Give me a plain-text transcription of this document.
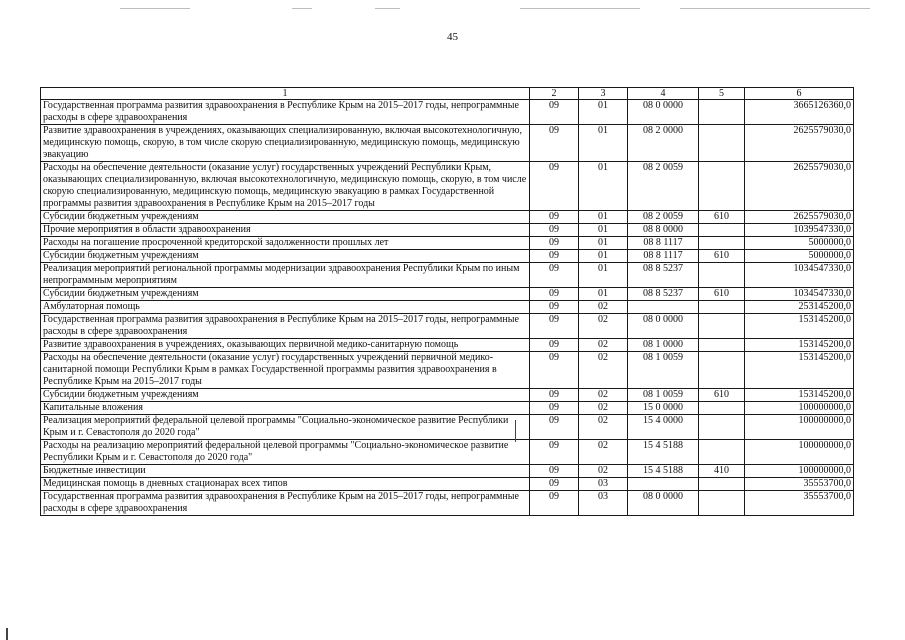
45
1	2	3	4	5	6
Государственная программа развития здравоохранения в Республике Крым на 2015–2017 годы, непрограммные расходы в сфере здравоохранения	09	01	08 0 0000		3665126360,0
Развитие здравоохранения в учреждениях, оказывающих специализированную, включая высокотехнологичную, медицинскую помощь, скорую, в том числе скорую специализированную, медицинскую помощь, медицинскую эвакуацию	09	01	08 2 0000		2625579030,0
Расходы на обеспечение деятельности (оказание услуг) государственных учреждений Республики Крым, оказывающих специализированную, включая высокотехнологичную, медицинскую помощь, скорую, в том числе скорую специализированную, медицинскую помощь, медицинскую эвакуацию в рамках Государственной программы развития здравоохранения в Республике Крым на 2015–2017 годы	09	01	08 2 0059		2625579030,0
Субсидии бюджетным учреждениям	09	01	08 2 0059	610	2625579030,0
Прочие мероприятия в области здравоохранения	09	01	08 8 0000		1039547330,0
Расходы на погашение просроченной кредиторской задолженности прошлых лет	09	01	08 8 1117		5000000,0
Субсидии бюджетным учреждениям	09	01	08 8 1117	610	5000000,0
Реализация мероприятий региональной программы модернизации здравоохранения Республики Крым по иным непрограммным мероприятиям	09	01	08 8 5237		1034547330,0
Субсидии бюджетным учреждениям	09	01	08 8 5237	610	1034547330,0
Амбулаторная помощь	09	02			253145200,0
Государственная программа развития здравоохранения в Республике Крым на 2015–2017 годы, непрограммные расходы в сфере здравоохранения	09	02	08 0 0000		153145200,0
Развитие здравоохранения в учреждениях, оказывающих первичной медико-санитарную помощь	09	02	08 1 0000		153145200,0
Расходы на обеспечение деятельности (оказание услуг) государственных учреждений первичной медико-санитарной помощи Республики Крым в рамках Государственной программы развития здравоохранения в Республике Крым на 2015–2017 годы	09	02	08 1 0059		153145200,0
Субсидии бюджетным учреждениям	09	02	08 1 0059	610	153145200,0
Капитальные вложения	09	02	15 0 0000		100000000,0
Реализация мероприятий федеральной целевой программы "Социально-экономическое развитие Республики Крым и г. Севастополя до 2020 года"	09	02	15 4 0000		100000000,0
Расходы на реализацию мероприятий федеральной целевой программы "Социально-экономическое развитие Республики Крым и г. Севастополя до 2020 года"	09	02	15 4 5188		100000000,0
Бюджетные инвестиции	09	02	15 4 5188	410	100000000,0
Медицинская помощь в дневных стационарах всех типов	09	03			35553700,0
Государственная программа развития здравоохранения в Республике Крым на 2015–2017 годы, непрограммные расходы в сфере здравоохранения	09	03	08 0 0000		35553700,0
